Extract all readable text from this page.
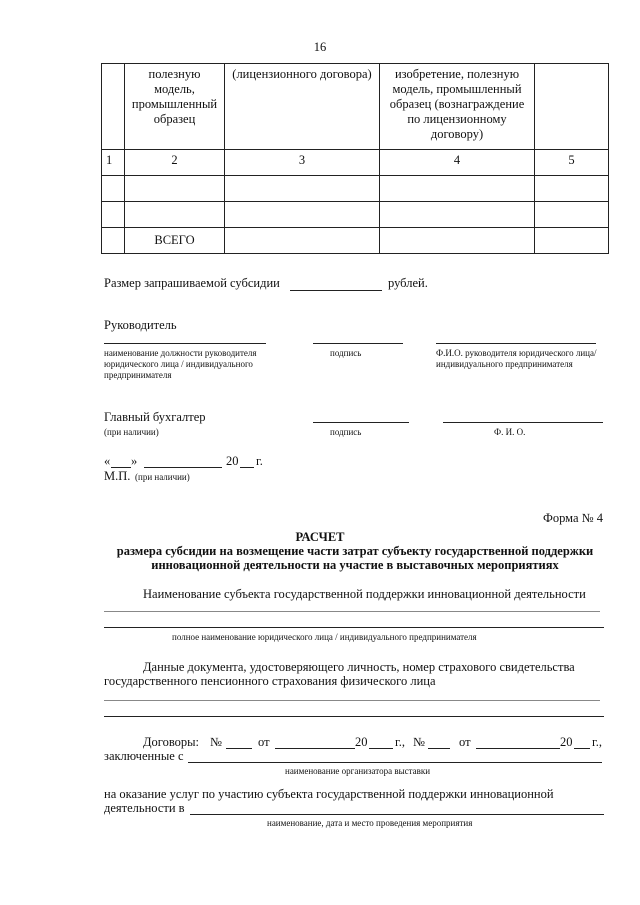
16
	полезную модель, промышленный образец	(лицензионного договора)	изобретение, полезную модель, промышленный образец (вознаграждение по лицензионному договору)	
1	2	3	4	5

	ВСЕГО			
Размер запрашиваемой субсидии	рублей.
Руководитель
наименование должности руководителя юридического лица / индивидуального предпринимателя
подпись	Ф.И.О. руководителя юридического лица/индивидуального предпринимателя
Главный бухгалтер
(при наличии)	подпись	Ф. И. О.
« »	20 г.
М.П. (при наличии)
Форма № 4
РАСЧЕТ
размера субсидии на возмещение части затрат субъекту государственной поддержки
инновационной деятельности на участие в выставочных мероприятиях
Наименование субъекта государственной поддержки инновационной деятельности
полное наименование юридического лица / индивидуального предпринимателя
Данные документа, удостоверяющего личность, номер страхового свидетельства
государственного пенсионного страхования физического лица
Договоры: №	от	20 г., №	от	20 г.,
заключенные с
наименование организатора выставки
на оказание услуг по участию субъекта государственной поддержки инновационной
деятельности в
наименование, дата и место проведения мероприятия
